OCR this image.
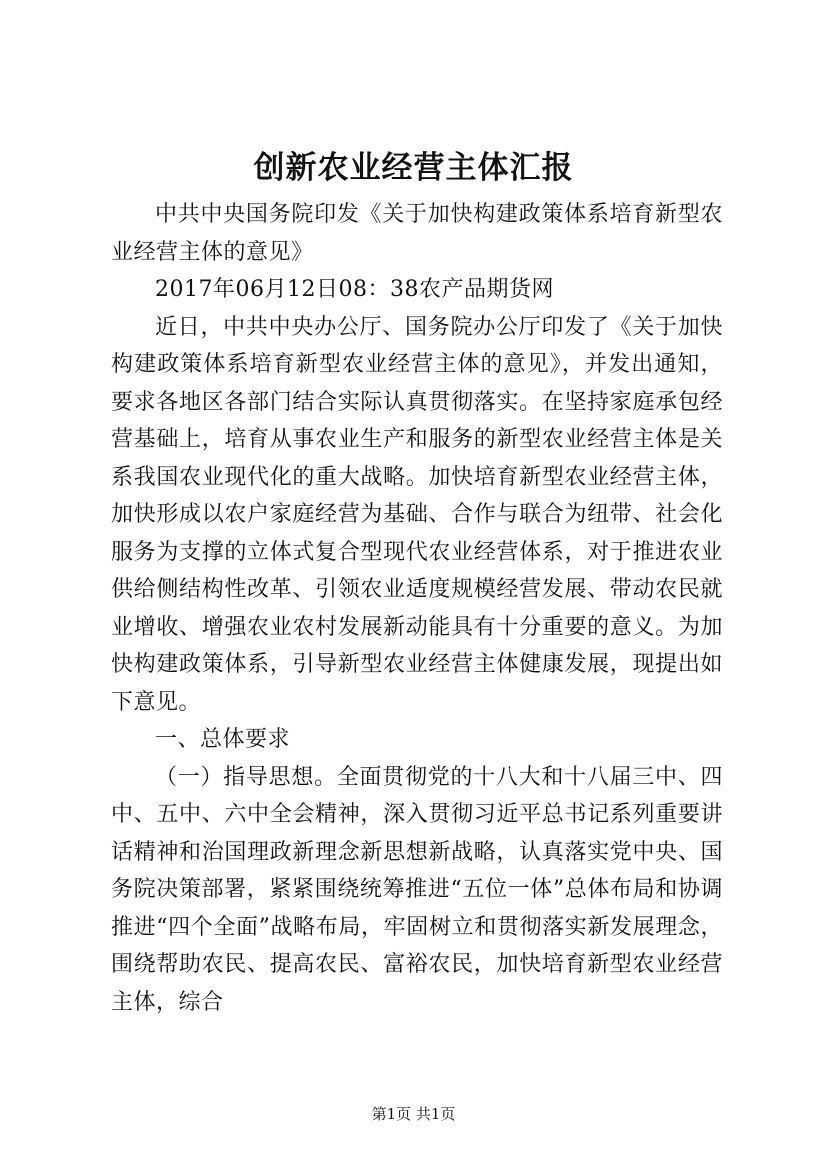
创新农业经营主体汇报

中共中央国务院印发《关于加快构建政策体系培育新型农业经营主体的意见》

2017年06月12日08：38农产品期货网

近日，中共中央办公厅、国务院办公厅印发了《关于加快构建政策体系培育新型农业经营主体的意见》，并发出通知，要求各地区各部门结合实际认真贯彻落实。在坚持家庭承包经营基础上，培育从事农业生产和服务的新型农业经营主体是关系我国农业现代化的重大战略。加快培育新型农业经营主体，加快形成以农户家庭经营为基础、合作与联合为纽带、社会化服务为支撑的立体式复合型现代农业经营体系，对于推进农业供给侧结构性改革、引领农业适度规模经营发展、带动农民就业增收、增强农业农村发展新动能具有十分重要的意义。为加快构建政策体系，引导新型农业经营主体健康发展，现提出如下意见。

一、总体要求

（一）指导思想。全面贯彻党的十八大和十八届三中、四中、五中、六中全会精神，深入贯彻习近平总书记系列重要讲话精神和治国理政新理念新思想新战略，认真落实党中央、国务院决策部署，紧紧围绕统筹推进“五位一体”总体布局和协调推进“四个全面”战略布局，牢固树立和贯彻落实新发展理念，围绕帮助农民、提高农民、富裕农民，加快培育新型农业经营主体，综合

第1页 共1页
